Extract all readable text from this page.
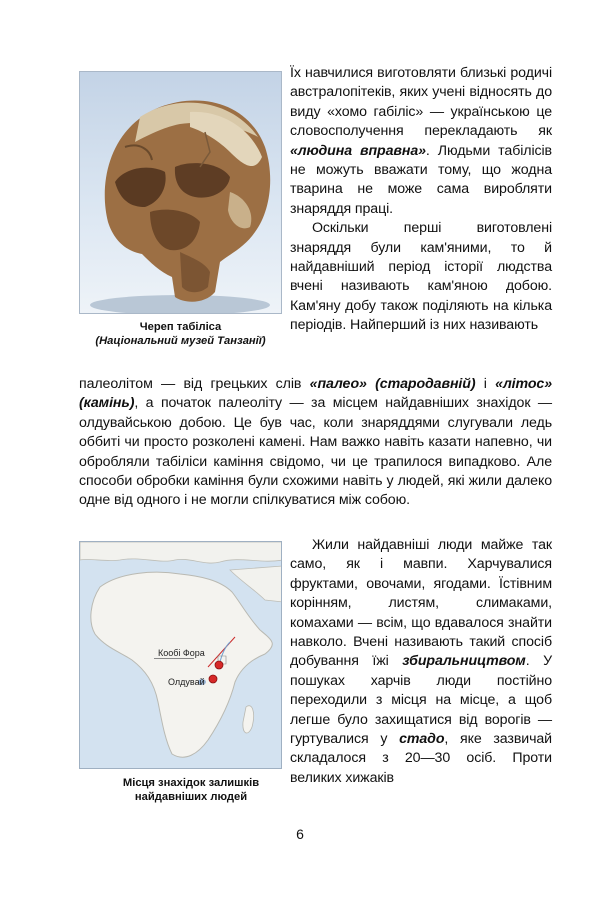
Череп табіліса
(Національний музей Танзанії)

Їх навчилися виготовляти близькі родичі австралопітеків, яких учені відносять до виду «хомо габіліс» — українською це словосполучення перекладають як «людина вправна». Людьми табілісів не можуть вважати тому, що жодна тварина не може сама виробляти знаряддя праці.

Оскільки перші виготовлені знаряддя були кам'яними, то й найдавніший період історії людства вчені називають кам'яною добою. Кам'яну добу також поділяють на кілька періодів. Найперший із них називають

палеолітом — від грецьких слів «палео» (стародавній) і «літос» (камінь), а початок палеоліту — за місцем найдавніших знахідок — олдувайською добою. Це був час, коли знаряддями слугували ледь оббиті чи просто розколені камені. Нам важко навіть казати напевно, чи обробляли табіліси каміння свідомо, чи це трапилося випадково. Але способи обробки каміння були схожими навіть у людей, які жили далеко одне від одного і не могли спілкуватися між собою.

Кообі Фора
Олдувай
Місця знахідок залишків
найдавніших людей

Жили найдавніші люди майже так само, як і мавпи. Харчувалися фруктами, овочами, ягодами. Їстівним корінням, листям, слимаками, комахами — всім, що вдавалося знайти навколо. Вчені називають такий спосіб добування їжі збиральництвом. У пошуках харчів люди постійно переходили з місця на місце, а щоб легше було захищатися від ворогів — гуртувалися у стадо, яке зазвичай складалося з 20—30 осіб. Проти великих хижаків

6
